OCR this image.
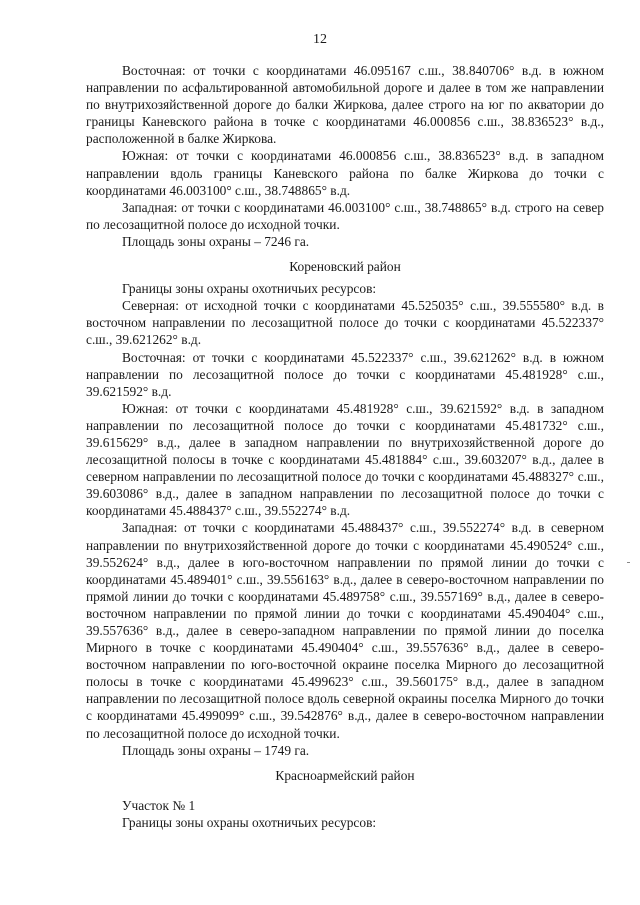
12

Восточная: от точки с координатами 46.095167 с.ш., 38.840706° в.д. в южном направлении по асфальтированной автомобильной дороге и далее в том же направлении по внутрихозяйственной дороге до балки Жиркова, далее строго на юг по акватории до границы Каневского района в точке с координатами 46.000856 с.ш., 38.836523° в.д., расположенной в балке Жиркова.

Южная: от точки с координатами 46.000856 с.ш., 38.836523° в.д. в западном направлении вдоль границы Каневского района по балке Жиркова до точки с координатами 46.003100° с.ш., 38.748865° в.д.

Западная: от точки с координатами 46.003100° с.ш., 38.748865° в.д. строго на север по лесозащитной полосе до исходной точки.

Площадь зоны охраны – 7246 га.

Кореновский район

Границы зоны охраны охотничьих ресурсов:

Северная: от исходной точки с координатами 45.525035° с.ш., 39.555580° в.д. в восточном направлении по лесозащитной полосе до точки с координатами 45.522337° с.ш., 39.621262° в.д.

Восточная: от точки с координатами 45.522337° с.ш., 39.621262° в.д. в южном направлении по лесозащитной полосе до точки с координатами 45.481928° с.ш., 39.621592° в.д.

Южная: от точки с координатами 45.481928° с.ш., 39.621592° в.д. в западном направлении по лесозащитной полосе до точки с координатами 45.481732° с.ш., 39.615629° в.д., далее в западном направлении по внутрихозяйственной дороге до лесозащитной полосы в точке с координатами 45.481884° с.ш., 39.603207° в.д., далее в северном направлении по лесозащитной полосе до точки с координатами 45.488327° с.ш., 39.603086° в.д., далее в западном направлении по лесозащитной полосе до точки с координатами 45.488437° с.ш., 39.552274° в.д.

Западная: от точки с координатами 45.488437° с.ш., 39.552274° в.д. в северном направлении по внутрихозяйственной дороге до точки с координатами 45.490524° с.ш., 39.552624° в.д., далее в юго-восточном направлении по прямой линии до точки с координатами 45.489401° с.ш., 39.556163° в.д., далее в северо-восточном направлении по прямой линии до точки с координатами 45.489758° с.ш., 39.557169° в.д., далее в северо-восточном направлении по прямой линии до точки с координатами 45.490404° с.ш., 39.557636° в.д., далее в северо-западном направлении по прямой линии до поселка Мирного в точке с координатами 45.490404° с.ш., 39.557636° в.д., далее в северо-восточном направлении по юго-восточной окраине поселка Мирного до лесозащитной полосы в точке с координатами 45.499623° с.ш., 39.560175° в.д., далее в западном направлении по лесозащитной полосе вдоль северной окраины поселка Мирного до точки с координатами 45.499099° с.ш., 39.542876° в.д., далее в северо-восточном направлении по лесозащитной полосе до исходной точки.

Площадь зоны охраны – 1749 га.

Красноармейский район

Участок № 1

Границы зоны охраны охотничьих ресурсов:
